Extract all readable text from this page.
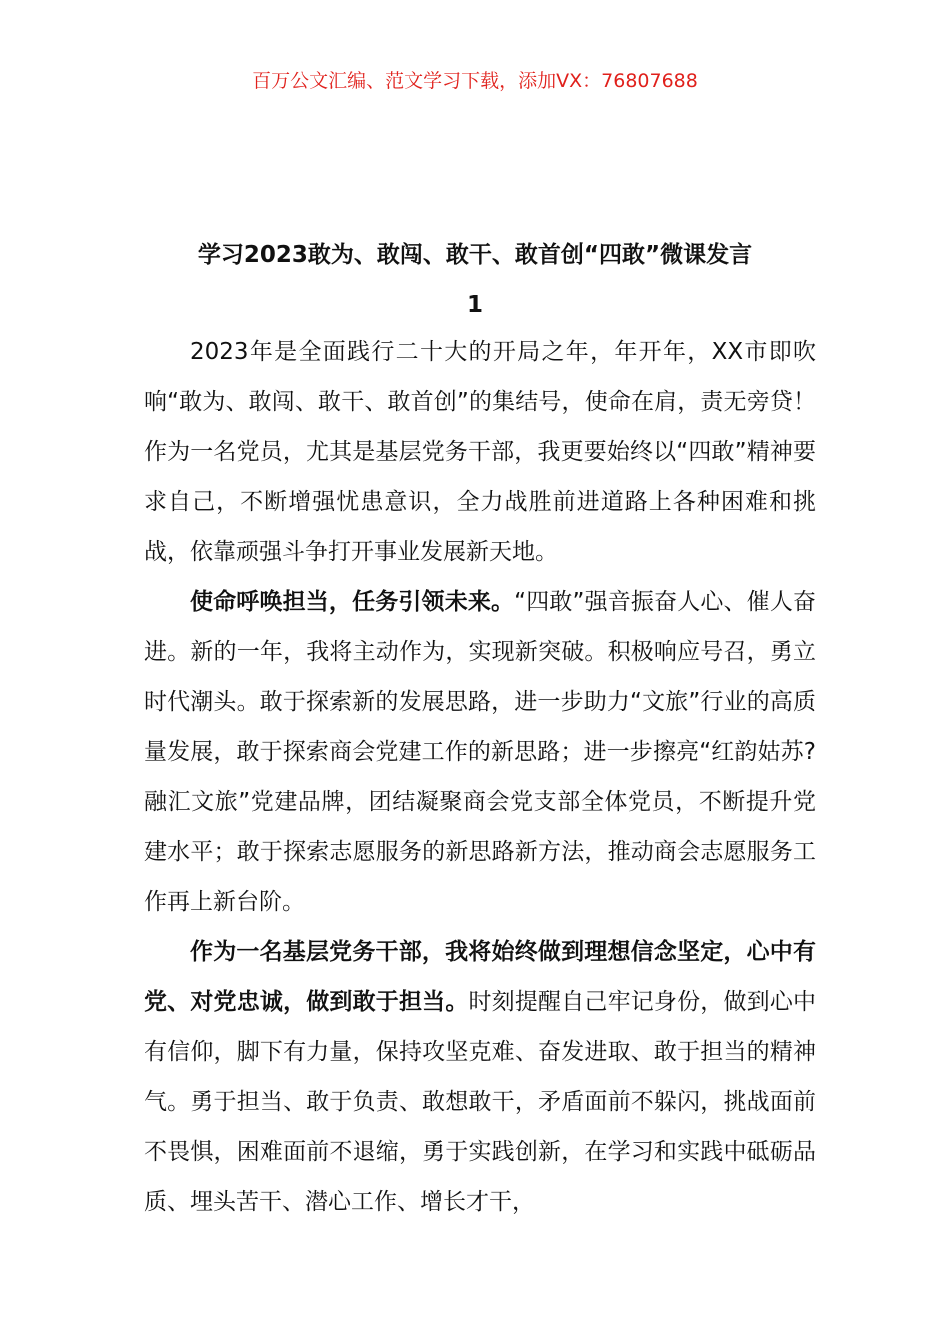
百万公文汇编、范文学习下载，添加VX：76807688
学习2023敢为、敢闯、敢干、敢首创“四敢”微课发言
1

2023年是全面践行二十大的开局之年，年开年，XX市即吹响“敢为、敢闯、敢干、敢首创”的集结号，使命在肩，责无旁贷！作为一名党员，尤其是基层党务干部，我更要始终以“四敢”精神要求自己，不断增强忧患意识，全力战胜前进道路上各种困难和挑战，依靠顽强斗争打开事业发展新天地。

使命呼唤担当，任务引领未来。“四敢”强音振奋人心、催人奋进。新的一年，我将主动作为，实现新突破。积极响应号召，勇立时代潮头。敢于探索新的发展思路，进一步助力“文旅”行业的高质量发展，敢于探索商会党建工作的新思路；进一步擦亮“红韵姑苏?融汇文旅”党建品牌，团结凝聚商会党支部全体党员，不断提升党建水平；敢于探索志愿服务的新思路新方法，推动商会志愿服务工作再上新台阶。

作为一名基层党务干部，我将始终做到理想信念坚定，心中有党、对党忠诚，做到敢于担当。时刻提醒自己牢记身份，做到心中有信仰，脚下有力量，保持攻坚克难、奋发进取、敢于担当的精神气。勇于担当、敢于负责、敢想敢干，矛盾面前不躲闪，挑战面前不畏惧，困难面前不退缩，勇于实践创新，在学习和实践中砥砺品质、埋头苦干、潜心工作、增长才干，
